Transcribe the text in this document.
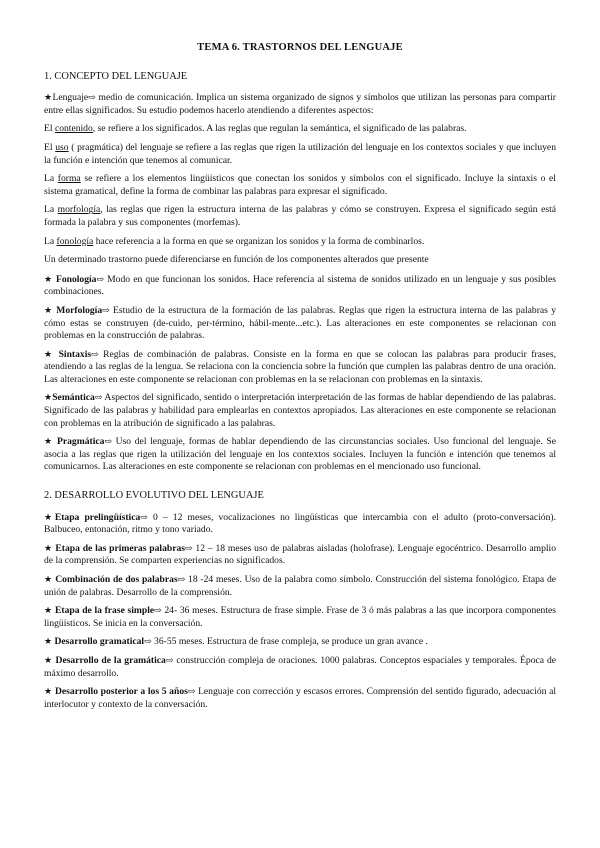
TEMA 6. TRASTORNOS DEL LENGUAJE
1. CONCEPTO DEL LENGUAJE

★Lenguaje⇨ medio de comunicación. Implica un sistema organizado de signos y símbolos que utilizan las personas para compartir entre ellas significados. Su estudio podemos hacerlo atendiendo a diferentes aspectos:

El contenido, se refiere a los significados. A las reglas que regulan la semántica, el significado de las palabras.

El uso ( pragmática) del lenguaje se refiere a las reglas que rigen la utilización del lenguaje en los contextos sociales y que incluyen la función e intención que tenemos al comunicar.

La forma se refiere a los elementos lingüísticos que conectan los sonidos y símbolos con el significado. Incluye la sintaxis o el sistema gramatical, define la forma de combinar las palabras para expresar el significado.

La morfología, las reglas que rigen la estructura interna de las palabras y cómo se construyen. Expresa el significado según está formada la palabra y sus componentes (morfemas).

La fonología hace referencia a la forma en que se organizan los sonidos y la forma de combinarlos.

Un determinado trastorno puede diferenciarse en función de los componentes alterados que presente

★ Fonología⇨ Modo en que funcionan los sonidos. Hace referencia al sistema de sonidos utilizado en un lenguaje y sus posibles combinaciones.

★ Morfología⇨ Estudio de la estructura de la formación de las palabras. Reglas que rigen la estructura interna de las palabras y cómo estas se construyen (de-cuido, per-término, hábil-mente...etc.). Las alteraciones en este componentes se relacionan con problemas en la construcción de palabras.

★ Sintaxis⇨ Reglas de combinación de palabras. Consiste en la forma en que se colocan las palabras para producir frases, atendiendo a las reglas de la lengua. Se relaciona con la conciencia sobre la función que cumplen las palabras dentro de una oración. Las alteraciones en este componente se relacionan con problemas en la se relacionan con problemas en la sintaxis.

★Semántica⇨ Aspectos del significado, sentido o interpretación interpretación de las formas de hablar dependiendo de las palabras. Significado de las palabras y habilidad para emplearlas en contextos apropiados. Las alteraciones en este componente se relacionan con problemas en la atribución de significado a las palabras.

★ Pragmática⇨ Uso del lenguaje, formas de hablar dependiendo de las circunstancias sociales. Uso funcional del lenguaje. Se asocia a las reglas que rigen la utilización del lenguaje en los contextos sociales. Incluyen la función e intención que tenemos al comunicarnos. Las alteraciones en este componente se relacionan con problemas en el mencionado uso funcional.

2. DESARROLLO EVOLUTIVO DEL LENGUAJE

★Etapa prelingüística⇨ 0 – 12 meses, vocalizaciones no lingüísticas que intercambia con el adulto (proto-conversación). Balbuceo, entonación, ritmo y tono variado.

★ Etapa de las primeras palabras⇨ 12 – 18 meses uso de palabras aisladas (holofrase). Lenguaje egocéntrico. Desarrollo amplio de la comprensión. Se comparten experiencias no significados.

★ Combinación de dos palabras⇨ 18 -24 meses. Uso de la palabra como símbolo. Construcción del sistema fonológico. Etapa de unión de palabras. Desarrollo de la comprensión.

★ Etapa de la frase simple⇨ 24- 36 meses. Estructura de frase simple. Frase de 3 ó más palabras a las que incorpora componentes lingüísticos. Se inicia en la conversación.

★ Desarrollo gramatical⇨ 36-55 meses. Estructura de frase compleja, se produce un gran avance .

★ Desarrollo de la gramática⇨ construcción compleja de oraciones. 1000 palabras. Conceptos espaciales y temporales. Época de máximo desarrollo.

★ Desarrollo posterior a los 5 años⇨ Lenguaje con corrección y escasos errores. Comprensión del sentido figurado, adecuación al interlocutor y contexto de la conversación.
